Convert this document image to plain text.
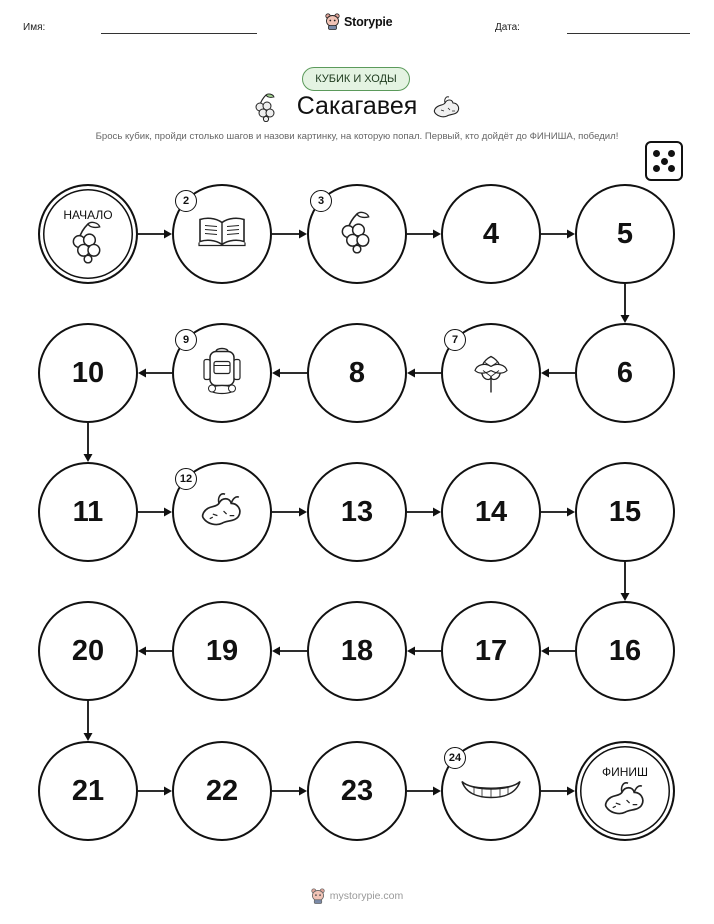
Имя:	Storypie	Дата:
КУБИК И ХОДЫ
Сакагавея
Брось кубик, пройди столько шагов и назови картинку, на которую попал. Первый, кто дойдёт до ФИНИША, победил!
НАЧАЛО
2	3
4	5
6
7
8
9
10
11
12
13	14	15
16
17
18
19
20
21	22	23
24
ФИНИШ
mystorypie.com
